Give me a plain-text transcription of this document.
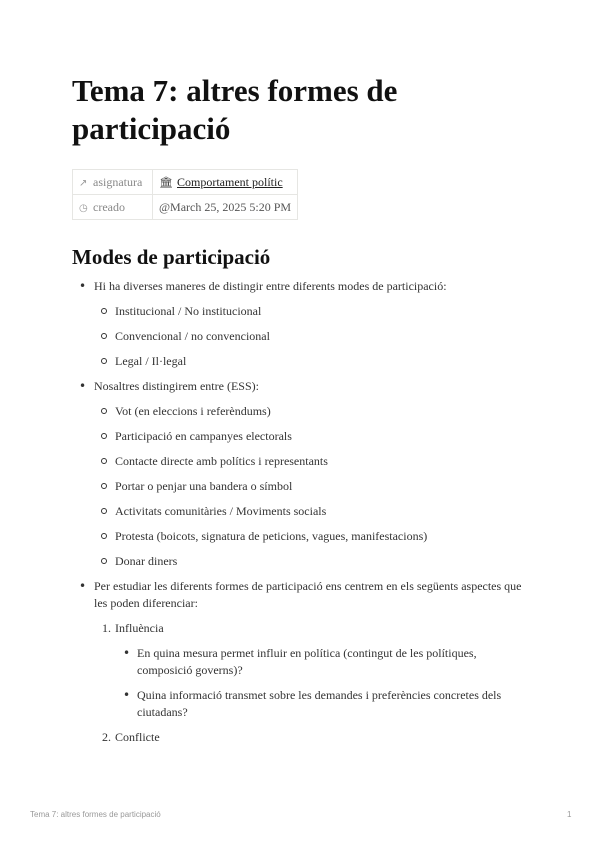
Tema 7: altres formes de participació
↗ asignatura	🏛 Comportament polític
◷ creado	@March 25, 2025 5:20 PM
Modes de participació
• Hi ha diverses maneres de distingir entre diferents modes de participació:
Institucional / No institucional
Convencional / no convencional
Legal / Il·legal
• Nosaltres distingirem entre (ESS):
Vot (en eleccions i referèndums)
Participació en campanyes electorals
Contacte directe amb polítics i representants
Portar o penjar una bandera o símbol
Activitats comunitàries / Moviments socials
Protesta (boicots, signatura de peticions, vagues, manifestacions)
Donar diners
• Per estudiar les diferents formes de participació ens centrem en els següents aspectes que les poden diferenciar:
1. Influència
• En quina mesura permet influir en política (contingut de les polítiques, composició governs)?
• Quina informació transmet sobre les demandes i preferències concretes dels ciutadans?
2. Conflicte
Tema 7: altres formes de participació	1
